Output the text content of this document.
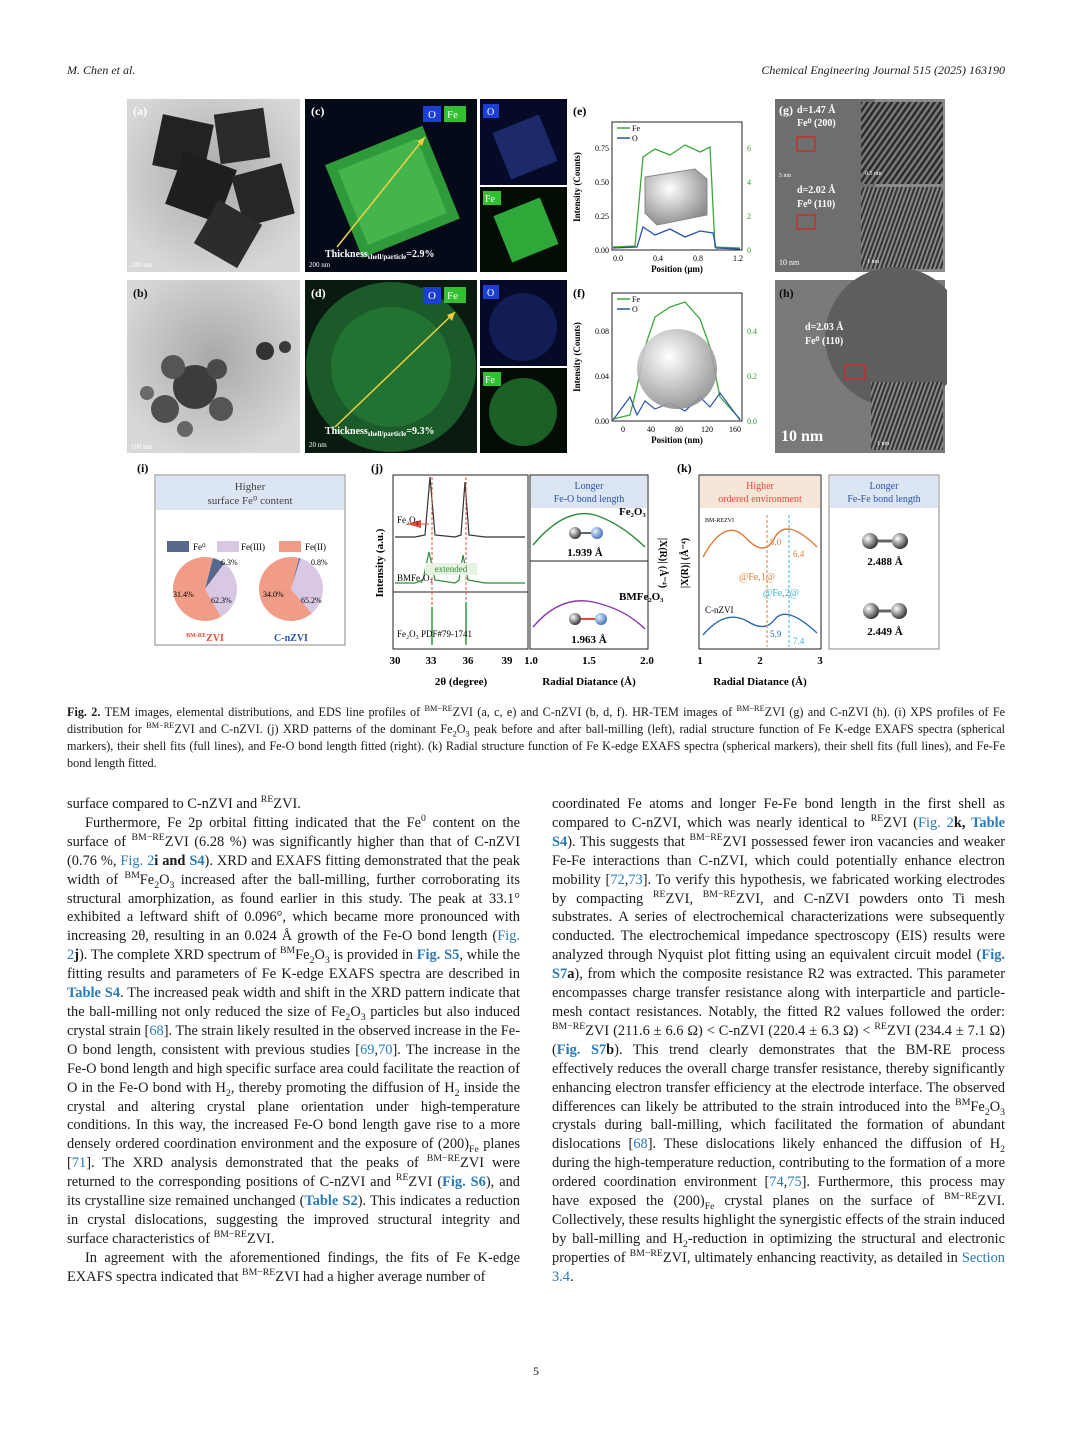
M. Chen et al.	Chemical Engineering Journal 515 (2025) 163190
(a)
200 nm
(b)
100 nm
O Fe
(c)
Thickness$_{shell/particle}$=2.9%
200 nm
O
Fe
O Fe
(d)
Thickness$_{shell/particle}$=9.3%
20 nm
O
Fe
(e)
Intensity (Counts)
0.00
0.25
0.50
0.75
0
2
4
6
0.0	0.4	0.8	1.2
Position (μm)
Fe
O
(f)
Intensity (Counts)
0.00
0.04
0.08
0.0
0.2
0.4
0	40	80 120 160
Position (nm)
Fe
O
(g) d=1.47 Å
Fe⁰ (200)
d=2.02 Å
Fe⁰ (110)
5 nm	0.5 nm
10 nm	1 nm
(h)
d=2.03 Å
Fe⁰ (110)
10 nm	1 nm
(i)
Higher
surface Fe⁰ content
Fe⁰	Fe(III)	Fe(II)
6.3%
31.4%
62.3%
0.8%
34.0%
65.2%
$^{BM-RE}$ZVI	C-nZVI
(j)
Intensity (a.u.)	extended
Fe₂O₃
BMFe₂O₃
Fe₂O₃ PDF#79-1741
30 33 36	39
2θ (degree)
Longer
Fe-O bond length
|X(R)| (Å⁻⁴)
Fe₂O₃
1.939 Å
BMFe₂O₃
1.963 Å
1.0	1.5	2.0
Radial Diatance (Å)
(k)
Higher
ordered environment
$^{BM-REZVI}$
C-nZVI
8.0
6.4
5.9
7.4
@Fe,1@
@Fe,2@
|X(R)| (Å⁻⁴)
1	2	3
Radial Diatance (Å)
Longer
Fe-Fe bond length
2.488 Å
2.449 Å
Fig. 2. TEM images, elemental distributions, and EDS line profiles of $^{BM-RE}$ZVI (a, c, e) and C-nZVI (b, d, f). HR-TEM images of $^{BM-RE}$ZVI (g) and C-nZVI (h). (i) XPS profiles of Fe distribution for $^{BM-RE}$ZVI and C-nZVI. (j) XRD patterns of the dominant $Fe_2O_3$ peak before and after ball-milling (left), radial structure function of Fe K-edge EXAFS spectra (spherical markers), their shell fits (full lines), and Fe-O bond length fitted (right). (k) Radial structure function of Fe K-edge EXAFS spectra (spherical markers), their shell fits (full lines), and Fe-Fe bond length fitted.

surface compared to C-nZVI and $^{RE}$ZVI.

Furthermore, Fe 2p orbital fitting indicated that the Fe$^0$ content on the surface of $^{BM-RE}$ZVI (6.28 %) was significantly higher than that of C-nZVI (0.76 %, Fig. 2i and S4). XRD and EXAFS fitting demonstrated that the peak width of $^{BM}Fe_2O_3$ increased after the ball-milling, further corroborating its structural amorphization, as found earlier in this study. The peak at 33.1° exhibited a leftward shift of 0.096°, which became more pronounced with increasing 2θ, resulting in an 0.024 Å growth of the Fe-O bond length (Fig. 2j). The complete XRD spectrum of $^{BM}Fe_2O_3$ is provided in Fig. S5, while the fitting results and parameters of Fe K-edge EXAFS spectra are described in Table S4. The increased peak width and shift in the XRD pattern indicate that the ball-milling not only reduced the size of $Fe_2O_3$ particles but also induced crystal strain [68]. The strain likely resulted in the observed increase in the Fe-O bond length, consistent with previous studies [69,70]. The increase in the Fe-O bond length and high specific surface area could facilitate the reaction of O in the Fe-O bond with $H_2$, thereby promoting the diffusion of $H_2$ inside the crystal and altering crystal plane orientation under high-temperature conditions. In this way, the increased Fe-O bond length gave rise to a more densely ordered coordination environment and the exposure of $(200)_{Fe}$ planes [71]. The XRD analysis demonstrated that the peaks of $^{BM-RE}$ZVI were returned to the corresponding positions of C-nZVI and $^{RE}$ZVI (Fig. S6), and its crystalline size remained unchanged (Table S2). This indicates a reduction in crystal dislocations, suggesting the improved structural integrity and surface characteristics of $^{BM-RE}$ZVI.

In agreement with the aforementioned findings, the fits of Fe K-edge EXAFS spectra indicated that $^{BM-RE}$ZVI had a higher average number of

coordinated Fe atoms and longer Fe-Fe bond length in the first shell as compared to C-nZVI, which was nearly identical to $^{RE}$ZVI (Fig. 2k, Table S4). This suggests that $^{BM-RE}$ZVI possessed fewer iron vacancies and weaker Fe-Fe interactions than C-nZVI, which could potentially enhance electron mobility [72,73]. To verify this hypothesis, we fabricated working electrodes by compacting $^{RE}$ZVI, $^{BM-RE}$ZVI, and C-nZVI powders onto Ti mesh substrates. A series of electrochemical characterizations were subsequently conducted. The electrochemical impedance spectroscopy (EIS) results were analyzed through Nyquist plot fitting using an equivalent circuit model (Fig. S7a), from which the composite resistance R2 was extracted. This parameter encompasses charge transfer resistance along with interparticle and particle-mesh contact resistances. Notably, the fitted R2 values followed the order: $^{BM-RE}$ZVI (211.6 ± 6.6 Ω) < C-nZVI (220.4 ± 6.3 Ω) < $^{RE}$ZVI (234.4 ± 7.1 Ω) (Fig. S7b). This trend clearly demonstrates that the BM-RE process effectively reduces the overall charge transfer resistance, thereby significantly enhancing electron transfer efficiency at the electrode interface. The observed differences can likely be attributed to the strain introduced into the $^{BM}Fe_2O_3$ crystals during ball-milling, which facilitated the formation of abundant dislocations [68]. These dislocations likely enhanced the diffusion of $H_2$ during the high-temperature reduction, contributing to the formation of a more ordered coordination environment [74,75]. Furthermore, this process may have exposed the $(200)_{Fe}$ crystal planes on the surface of $^{BM-RE}$ZVI. Collectively, these results highlight the synergistic effects of the strain induced by ball-milling and $H_2$-reduction in optimizing the structural and electronic properties of $^{BM-RE}$ZVI, ultimately enhancing reactivity, as detailed in Section 3.4.

5
